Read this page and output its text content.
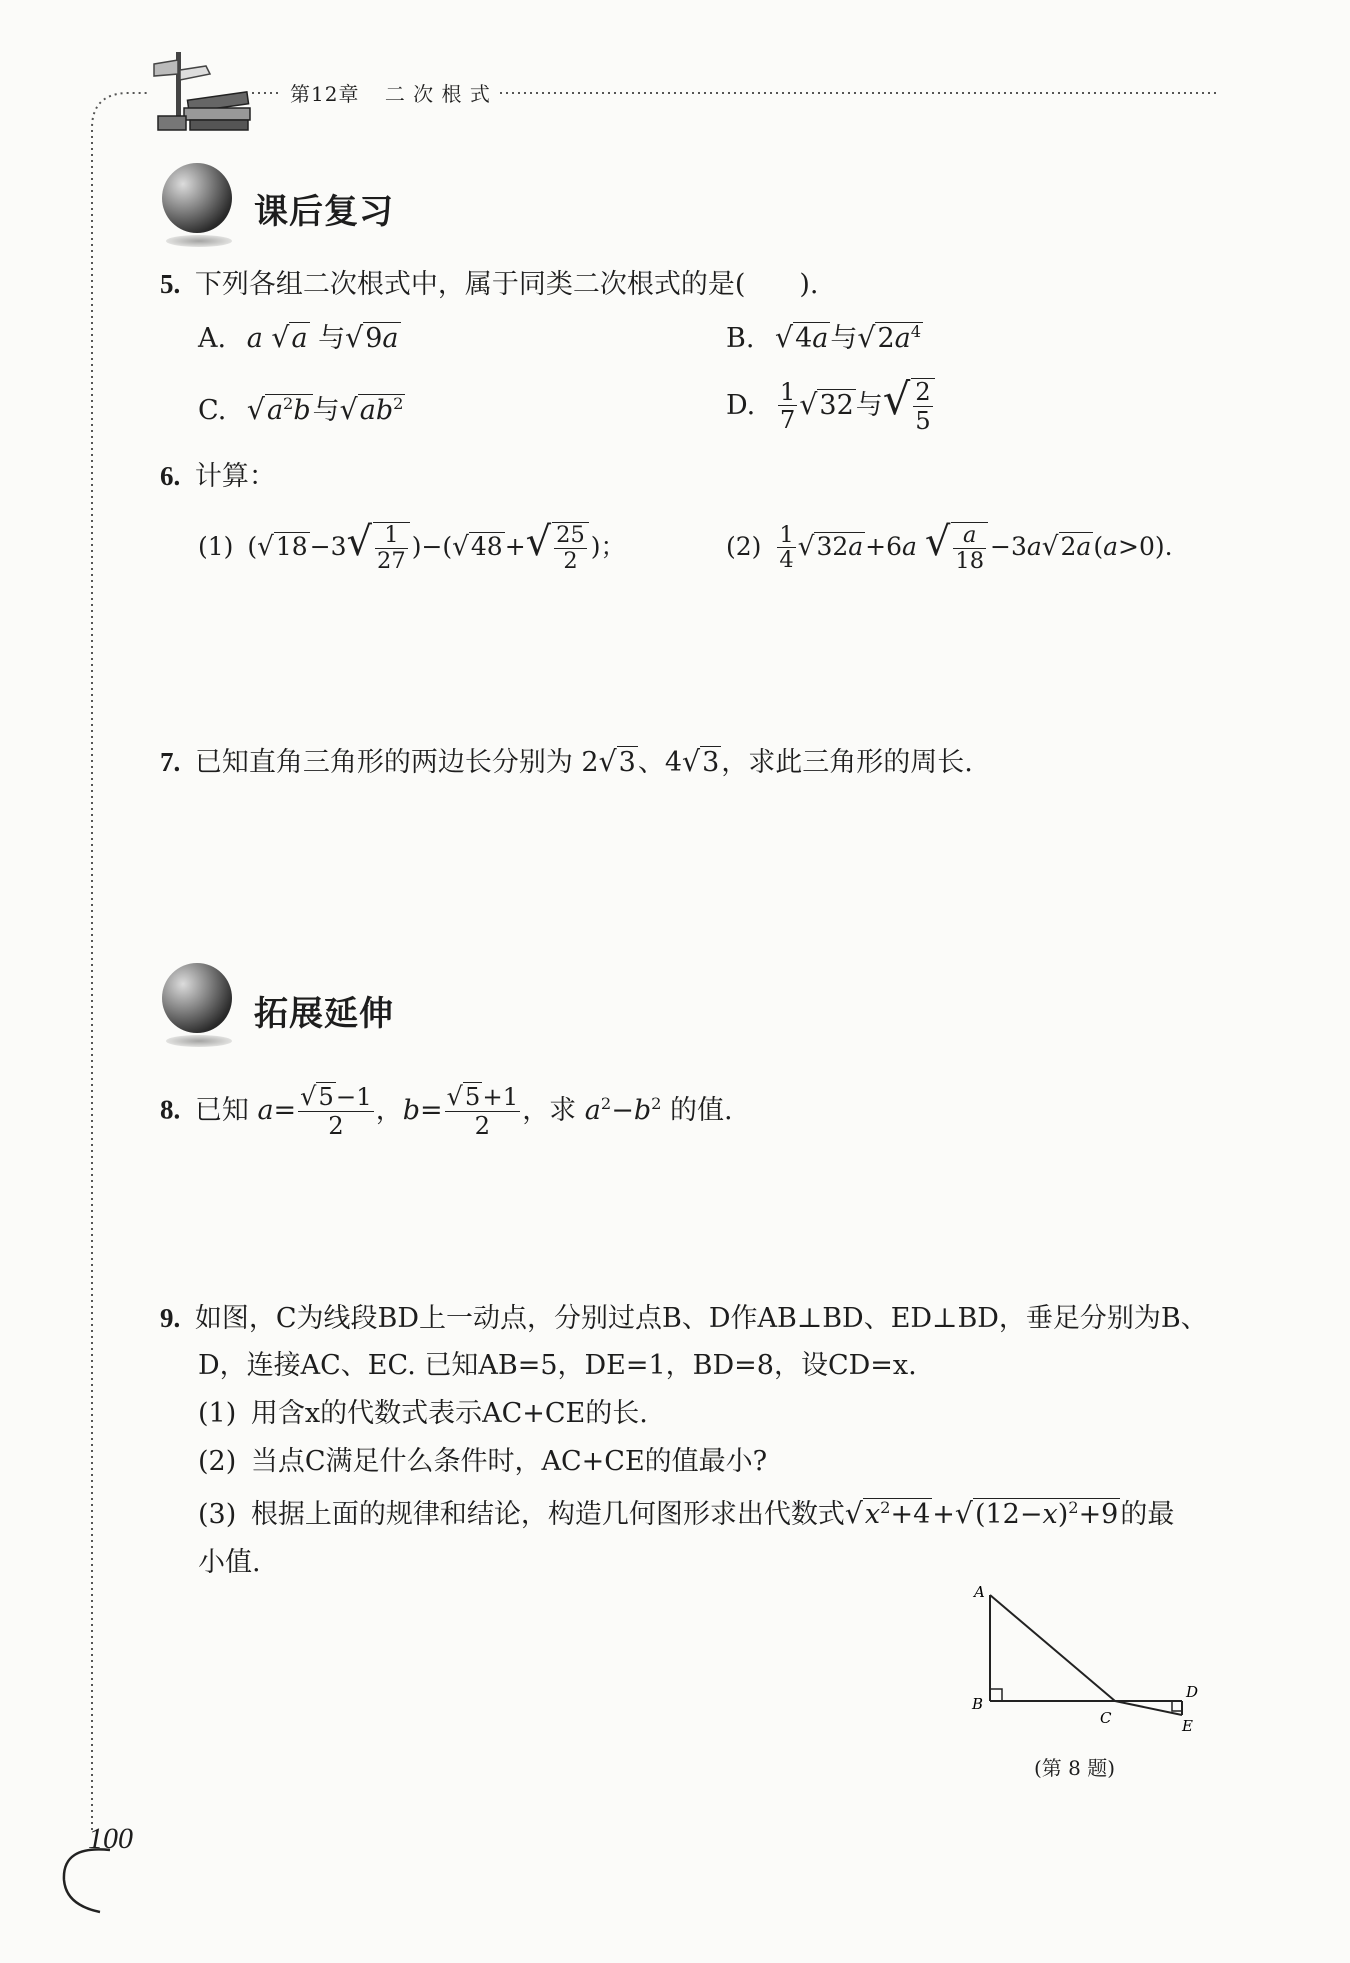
第12章 二 次 根 式
课后复习
5. 下列各组二次根式中，属于同类二次根式的是(　　).
A. a √a 与√9a	B. √4a与$√2a^4$
C. $√a^2b$与$√ab^2$	D. $\frac{1}{7} √32$与√ $\frac{2}{5}$
6. 计算：
(1) $(√18-3√ \frac{1}{27} )-(√48+√ \frac{25}{2}$ )；	$(2) \frac{1}{4} √32a+6a$ √ $\frac{a}{18} -3a√2a(a>0)$.
7. 已知直角三角形的两边长分别为 2√3、4√3，求此三角形的周长.
拓展延伸
8. 已知 $a= \frac{√5-1}{2}$ ，$b= \frac{√5+1}{2}$ ，求 $a^2-b^2$ 的值.
9. 如图，C为线段BD上一动点，分别过点B、D作AB⊥BD、ED⊥BD，垂足分别为B、
D，连接AC、EC. 已知AB=5，DE=1，BD=8，设CD=x.
(1) 用含x的代数式表示AC+CE的长.
(2) 当点C满足什么条件时，AC+CE的值最小?
(3) 根据上面的规律和结论，构造几何图形求出代数式$√x^2+4+√(12-x)^2+9$的最
小值.
A
B
C
D
E
(第 8 题)
100
